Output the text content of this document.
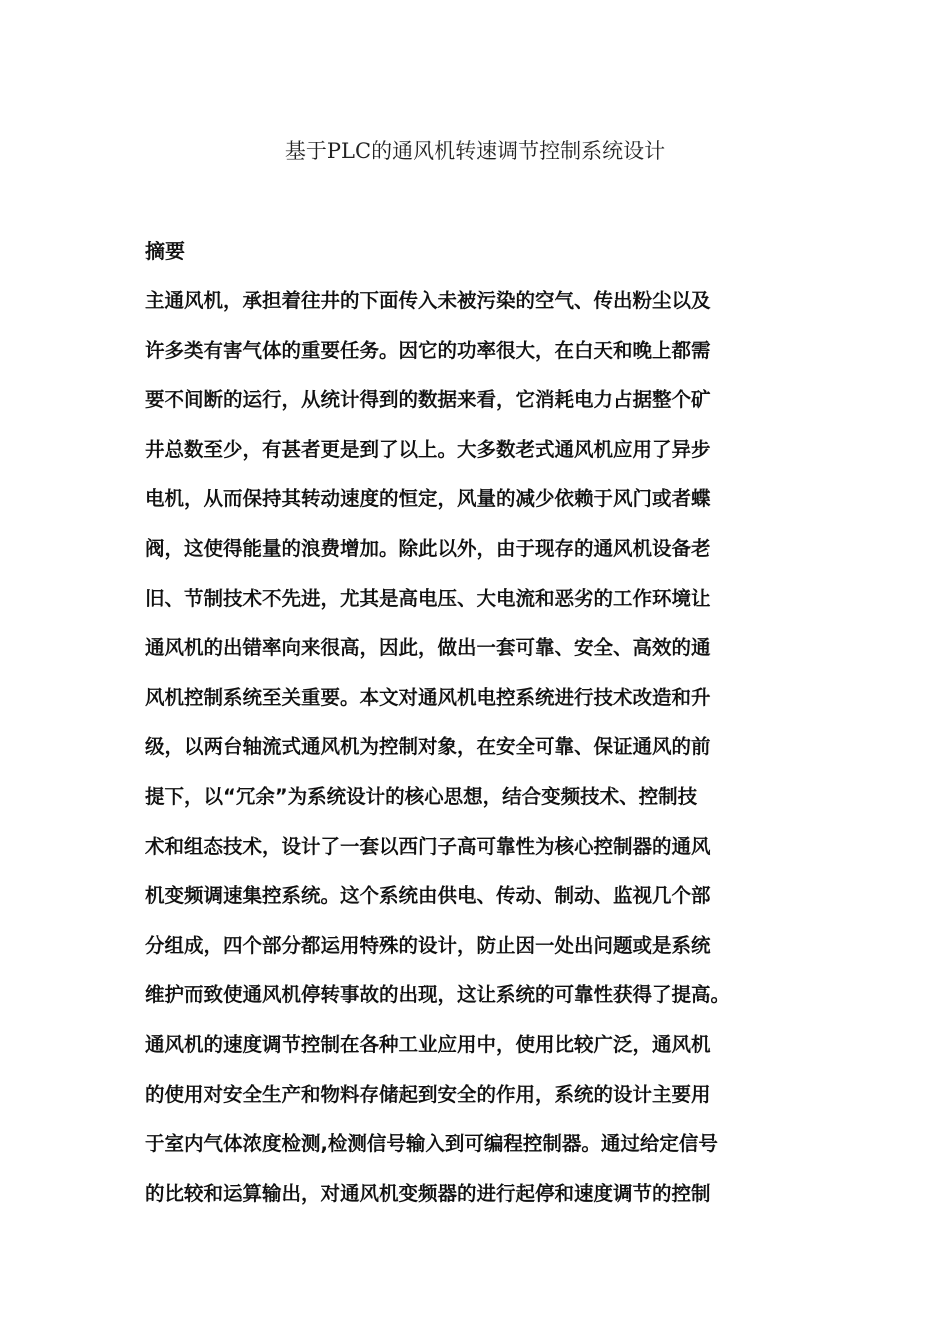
基于PLC的通风机转速调节控制系统设计
摘要
主通风机，承担着往井的下面传入未被污染的空气、传出粉尘以及
许多类有害气体的重要任务。因它的功率很大，在白天和晚上都需
要不间断的运行，从统计得到的数据来看，它消耗电力占据整个矿
井总数至少，有甚者更是到了以上。大多数老式通风机应用了异步
电机，从而保持其转动速度的恒定，风量的减少依赖于风门或者蝶
阀，这使得能量的浪费增加。除此以外，由于现存的通风机设备老
旧、节制技术不先进，尤其是高电压、大电流和恶劣的工作环境让
通风机的出错率向来很高，因此，做出一套可靠、安全、高效的通
风机控制系统至关重要。本文对通风机电控系统进行技术改造和升
级，以两台轴流式通风机为控制对象，在安全可靠、保证通风的前
提下，以“冗余”为系统设计的核心思想，结合变频技术、控制技
术和组态技术，设计了一套以西门子高可靠性为核心控制器的通风
机变频调速集控系统。这个系统由供电、传动、制动、监视几个部
分组成，四个部分都运用特殊的设计，防止因一处出问题或是系统
维护而致使通风机停转事故的出现，这让系统的可靠性获得了提高。
通风机的速度调节控制在各种工业应用中，使用比较广泛，通风机
的使用对安全生产和物料存储起到安全的作用，系统的设计主要用
于室内气体浓度检测,检测信号输入到可编程控制器。通过给定信号
的比较和运算输出，对通风机变频器的进行起停和速度调节的控制
